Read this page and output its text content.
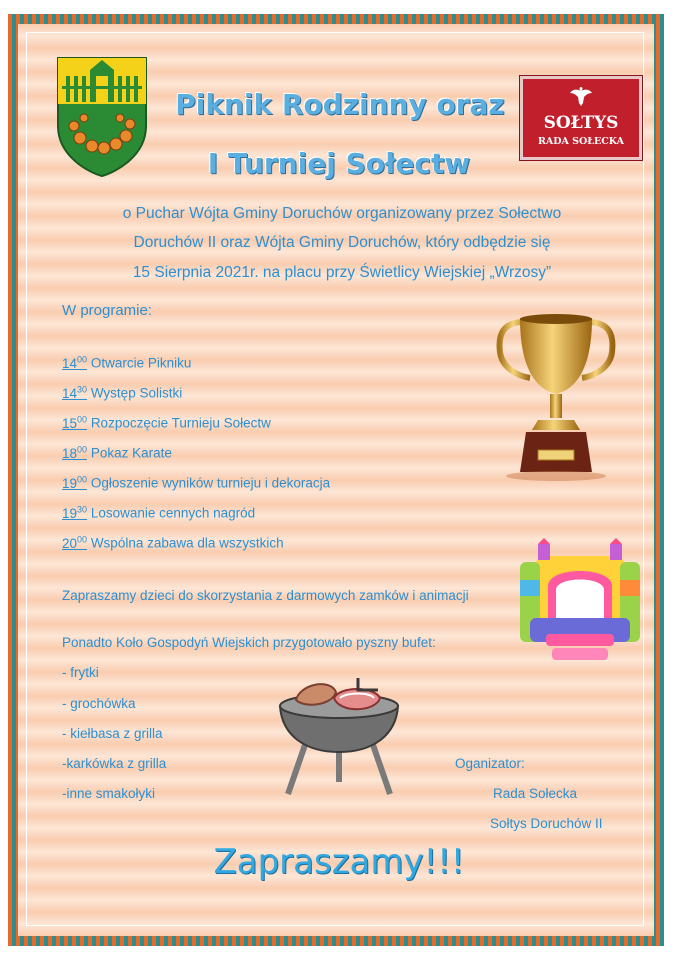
SOŁTYS
RADA SOŁECKA
Piknik Rodzinny oraz
I Turniej Sołectw
o Puchar Wójta Gminy Doruchów organizowany przez Sołectwo
Doruchów II oraz Wójta Gminy Doruchów, który odbędzie się
15 Sierpnia 2021r. na placu przy Świetlicy Wiejskiej „Wrzosy”
W programie:
$14^{00}$ Otwarcie Pikniku
$14^{30}$ Występ Solistki
$15^{00}$ Rozpoczęcie Turnieju Sołectw
$18^{00}$ Pokaz Karate
$19^{00}$ Ogłoszenie wyników turnieju i dekoracja
$19^{30}$ Losowanie cennych nagród
$20^{00}$ Wspólna zabawa dla wszystkich
Zapraszamy dzieci do skorzystania z darmowych zamków i animacji
Ponadto Koło Gospodyń Wiejskich przygotowało pyszny bufet:
- frytki
- grochówka
- kiełbasa z grilla
-karkówka z grilla
-inne smakołyki
Oganizator:
Rada Sołecka
Sołtys Doruchów II
Zapraszamy!!!
